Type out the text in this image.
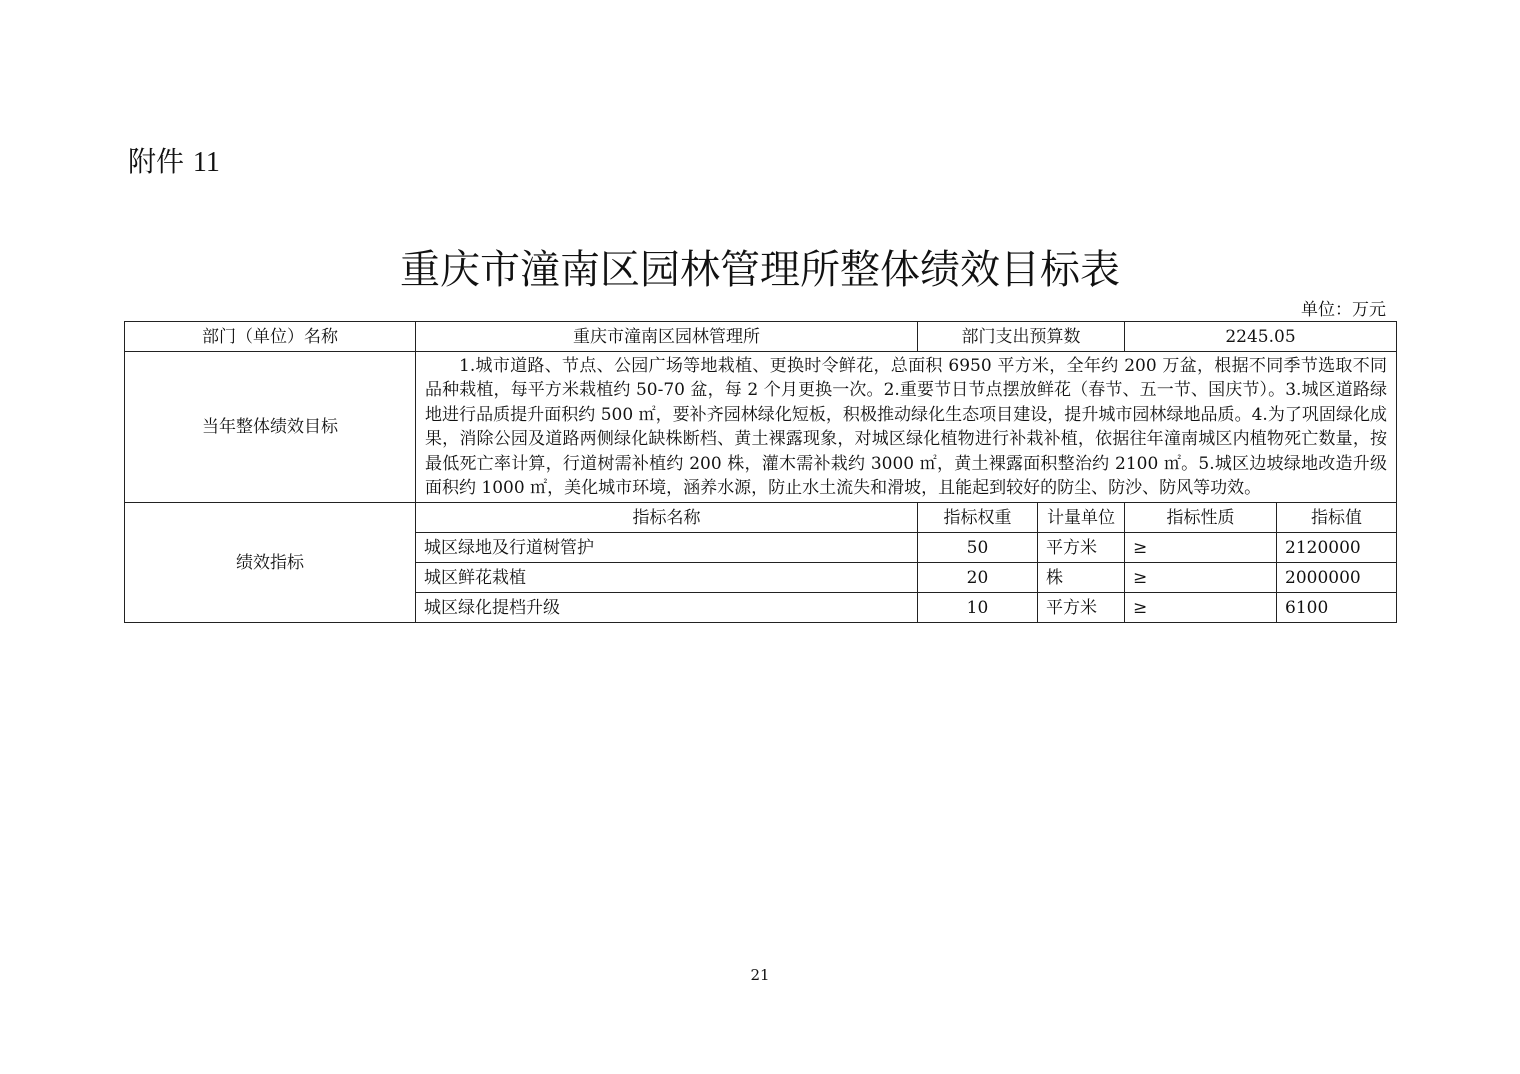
附件 11
重庆市潼南区园林管理所整体绩效目标表
单位：万元
部门（单位）名称	重庆市潼南区园林管理所	部门支出预算数		2245.05	
当年整体绩效目标	1.城市道路、节点、公园广场等地栽植、更换时令鲜花，总面积 6950 平方米，全年约 200 万盆，根据不同季节选取不同品种栽植，每平方米栽植约 50-70 盆，每 2 个月更换一次。2.重要节日节点摆放鲜花（春节、五一节、国庆节）。3.城区道路绿地进行品质提升面积约 500 ㎡，要补齐园林绿化短板，积极推动绿化生态项目建设，提升城市园林绿地品质。4.为了巩固绿化成果，消除公园及道路两侧绿化缺株断档、黄土裸露现象，对城区绿化植物进行补栽补植，依据往年潼南城区内植物死亡数量，按最低死亡率计算，行道树需补植约 200 株，灌木需补栽约 3000 ㎡，黄土裸露面积整治约 2100 ㎡。5.城区边坡绿地改造升级面积约 1000 ㎡，美化城市环境，涵养水源，防止水土流失和滑坡，且能起到较好的防尘、防沙、防风等功效。				
绩效指标	指标名称	指标权重	计量单位	指标性质	指标值
	城区绿地及行道树管护	50	平方米	≥	2120000
	城区鲜花栽植	20	株	≥	2000000
	城区绿化提档升级	10	平方米	≥	6100
21
